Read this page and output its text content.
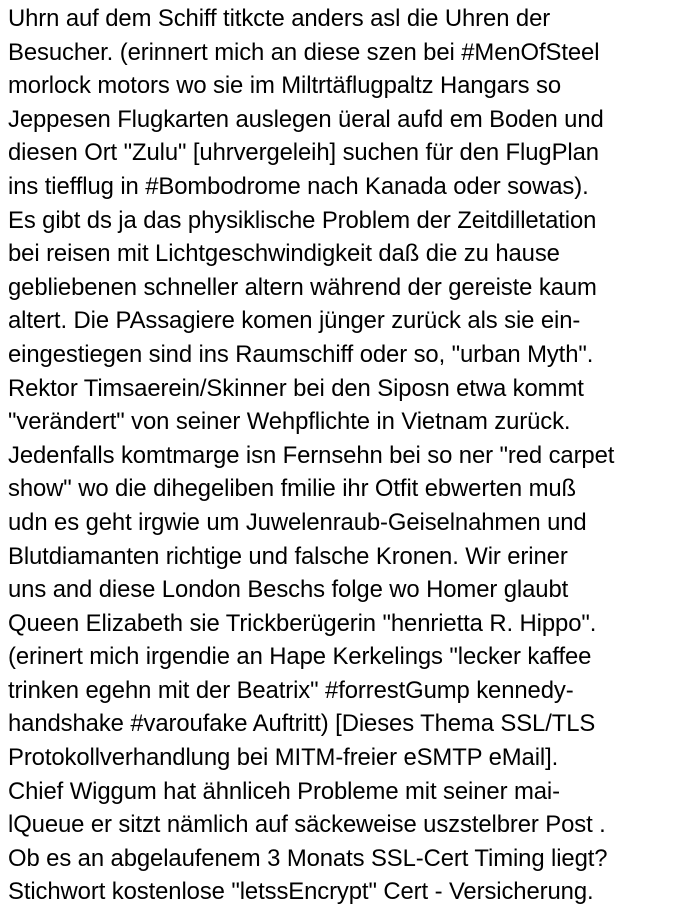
Uhrn auf dem Schiff titkcte anders asl die Uhren der
Besucher. (erinnert mich an diese szen bei #MenOfSteel
morlock motors wo sie im Miltrtäflugpaltz Hangars so
Jeppesen Flugkarten auslegen üeral aufd em Boden und
diesen Ort "Zulu" [uhrvergeleih] suchen für den FlugPlan
ins tiefflug in #Bombodrome nach Kanada oder sowas).
Es gibt ds ja das physiklische Problem der Zeitdilletation
bei reisen mit Lichtgeschwindigkeit daß die zu hause
gebliebenen schneller altern während der gereiste kaum
altert. Die PAssagiere komen jünger zurück als sie ein-
eingestiegen sind ins Raumschiff oder so, "urban Myth".
Rektor Timsaerein/Skinner bei den Siposn etwa kommt
"verändert" von seiner Wehpflichte in Vietnam zurück.
Jedenfalls komtmarge isn Fernsehn bei so ner "red carpet
show" wo die dihegeliben fmilie ihr Otfit ebwerten muß
udn es geht irgwie um Juwelenraub-Geiselnahmen und
Blutdiamanten richtige und falsche Kronen. Wir eriner
uns and diese London Beschs folge wo Homer glaubt
Queen Elizabeth sie Trickberügerin "henrietta R. Hippo".
(erinert mich irgendie an Hape Kerkelings "lecker kaffee
trinken egehn mit der Beatrix" #forrestGump kennedy-
handshake #varoufake Auftritt) [Dieses Thema SSL/TLS
Protokollverhandlung bei MITM-freier eSMTP eMail].
Chief Wiggum hat ähnliceh Probleme mit seiner mai-
lQueue er sitzt nämlich auf säckeweise uszstelbrer Post .
Ob es an abgelaufenem 3 Monats SSL-Cert Timing liegt?
Stichwort kostenlose "letssEncrypt" Cert - Versicherung.
